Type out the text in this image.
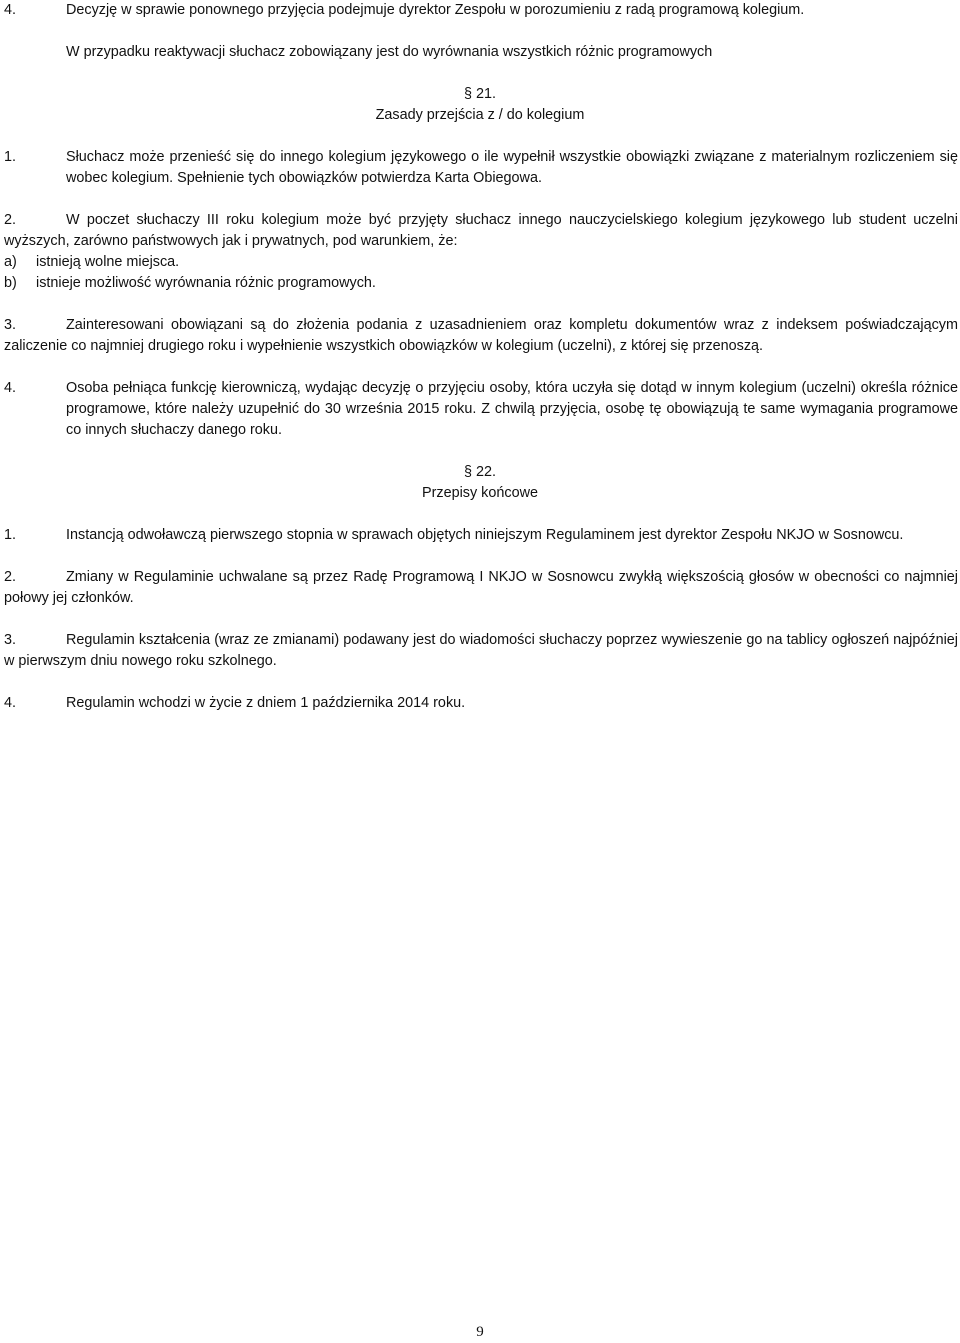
4.	Decyzję w sprawie ponownego przyjęcia podejmuje dyrektor Zespołu w porozumieniu z radą programową kolegium.
W przypadku reaktywacji słuchacz zobowiązany jest do wyrównania wszystkich różnic programowych
§ 21.
Zasady przejścia z / do kolegium
1.	Słuchacz może przenieść się do innego kolegium językowego o ile wypełnił wszystkie obowiązki związane z materialnym rozliczeniem się wobec kolegium. Spełnienie tych obowiązków potwierdza Karta Obiegowa.
2.	W poczet słuchaczy III roku kolegium może być przyjęty słuchacz innego nauczycielskiego kolegium językowego lub student uczelni wyższych, zarówno państwowych jak i prywatnych, pod warunkiem, że:
a) istnieją wolne miejsca.
b) istnieje możliwość wyrównania różnic programowych.
3.	Zainteresowani obowiązani są do złożenia podania z uzasadnieniem oraz kompletu dokumentów wraz z indeksem poświadczającym zaliczenie co najmniej drugiego roku i wypełnienie wszystkich obowiązków w kolegium (uczelni), z której się przenoszą.
4.	Osoba pełniąca funkcję kierowniczą, wydając decyzję o przyjęciu osoby, która uczyła się dotąd w innym kolegium (uczelni) określa różnice programowe, które należy uzupełnić do 30 września 2015 roku. Z chwilą przyjęcia, osobę tę obowiązują te same wymagania programowe co innych słuchaczy danego roku.
§ 22.
Przepisy końcowe
1.	Instancją odwoławczą pierwszego stopnia w sprawach objętych niniejszym Regulaminem jest dyrektor Zespołu NKJO w Sosnowcu.
2.	Zmiany w Regulaminie uchwalane są przez Radę Programową I NKJO w Sosnowcu zwykłą większością głosów w obecności co najmniej połowy jej członków.
3.	Regulamin kształcenia (wraz ze zmianami) podawany jest do wiadomości słuchaczy poprzez wywieszenie go na tablicy ogłoszeń najpóźniej w pierwszym dniu nowego roku szkolnego.
4.	Regulamin wchodzi w życie z dniem 1 października 2014 roku.
9
